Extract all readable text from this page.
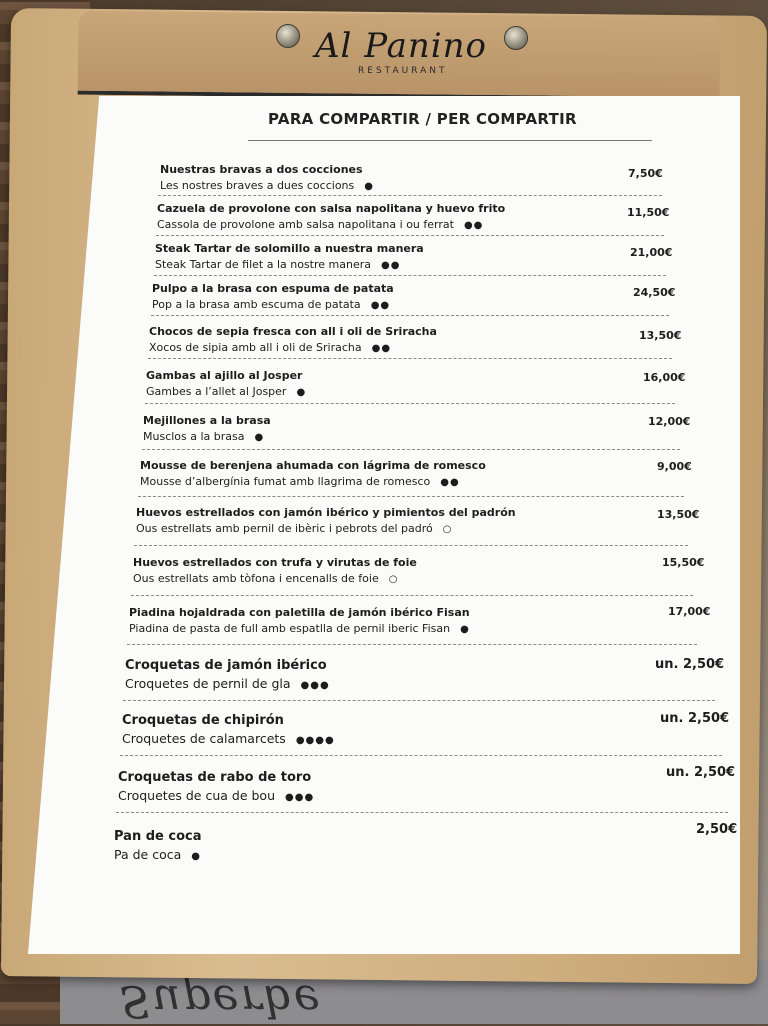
Superbe
Al Panino
RESTAURANT
PARA COMPARTIR / PER COMPARTIR
Nuestras bravas a dos cocciones
Les nostres braves a dues coccions ●
7,50€
Cazuela de provolone con salsa napolitana y huevo frito
Cassola de provolone amb salsa napolitana i ou ferrat ●●
11,50€
Steak Tartar de solomillo a nuestra manera
Steak Tartar de filet a la nostre manera ●●
21,00€
Pulpo a la brasa con espuma de patata
Pop a la brasa amb escuma de patata ●●
24,50€
Chocos de sepia fresca con all i oli de Sriracha
Xocos de sipia amb all i oli de Sriracha ●●
13,50€
Gambas al ajillo al Josper
Gambes a l’allet al Josper ●
16,00€
Mejillones a la brasa
Musclos a la brasa ●
12,00€
Mousse de berenjena ahumada con lágrima de romesco
Mousse d’albergínia fumat amb llagrima de romesco ●●
9,00€
Huevos estrellados con jamón ibérico y pimientos del padrón
Ous estrellats amb pernil de ibèric i pebrots del padró ○
13,50€
Huevos estrellados con trufa y virutas de foie
Ous estrellats amb tòfona i encenalls de foie ○
15,50€
Piadina hojaldrada con paletilla de jamón ibérico Fisan
Piadina de pasta de full amb espatlla de pernil iberic Fisan ●
17,00€
Croquetas de jamón ibérico
Croquetes de pernil de gla ●●●
un. 2,50€
Croquetas de chipirón
Croquetes de calamarcets ●●●●
un. 2,50€
Croquetas de rabo de toro
Croquetes de cua de bou ●●●
un. 2,50€
Pan de coca
Pa de coca ●
2,50€
